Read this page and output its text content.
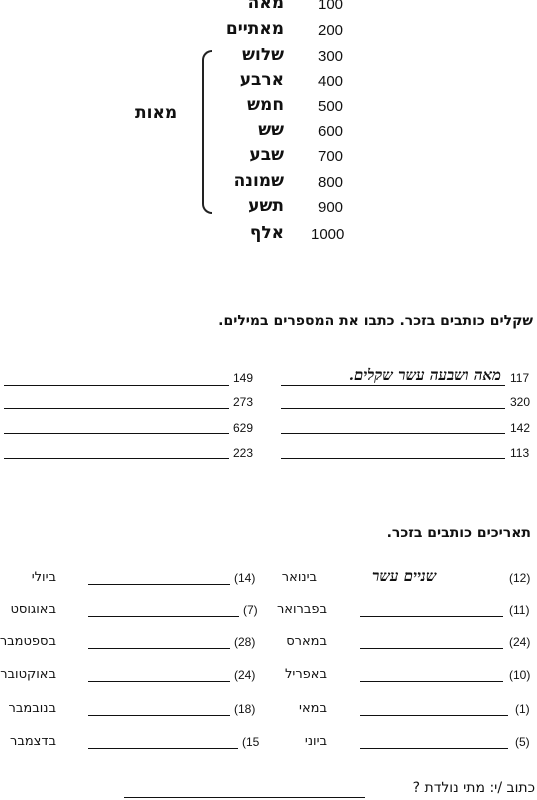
100
מאה
200
מאתיים
300
שלוש
400
ארבע
500
חמש
600
שש
700
שבע
800
שמונה
900
תשע
1000
אלף
מאות
שקלים כותבים בזכר. כתבו את המספרים במילים.
117
מאה ושבעה עשר שקלים.
320
142
113
149
273
629
223
תאריכים כותבים בזכר.
(12)
שניים עשר
בינואר
(11)
בפברואר
(24)
במארס
(10)
באפריל
(1)
במאי
(5)
ביוני
(14)
ביולי
(7)
באוגוסט
(28)
בספטמבר
(24)
באוקטובר
(18)
בנובמבר
(15
בדצמבר
כתוב /י: מתי נולדת ?
